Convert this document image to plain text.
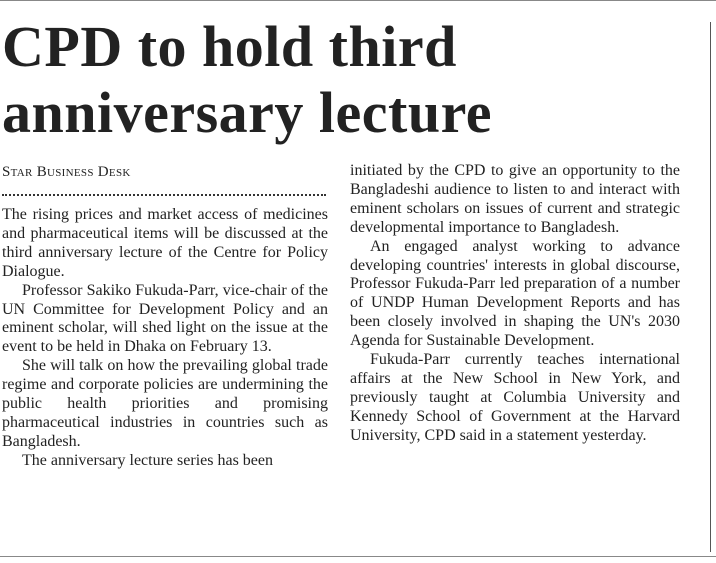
CPD to hold third
anniversary lecture
Star Business Desk

The rising prices and market access of medicines and pharmaceutical items will be discussed at the third anniversary lecture of the Centre for Policy Dialogue.

Professor Sakiko Fukuda-Parr, vice-chair of the UN Committee for Development Policy and an eminent scholar, will shed light on the issue at the event to be held in Dhaka on February 13.

She will talk on how the prevailing global trade regime and corporate policies are undermining the public health priorities and promising pharmaceutical industries in countries such as Bangladesh.

The anniversary lecture series has been

initiated by the CPD to give an opportunity to the Bangladeshi audience to listen to and interact with eminent scholars on issues of current and strategic developmental importance to Bangladesh.

An engaged analyst working to advance developing countries' interests in global discourse, Professor Fukuda-Parr led preparation of a number of UNDP Human Development Reports and has been closely involved in shaping the UN's 2030 Agenda for Sustainable Development.

Fukuda-Parr currently teaches international affairs at the New School in New York, and previously taught at Columbia University and Kennedy School of Government at the Harvard University, CPD said in a statement yesterday.
